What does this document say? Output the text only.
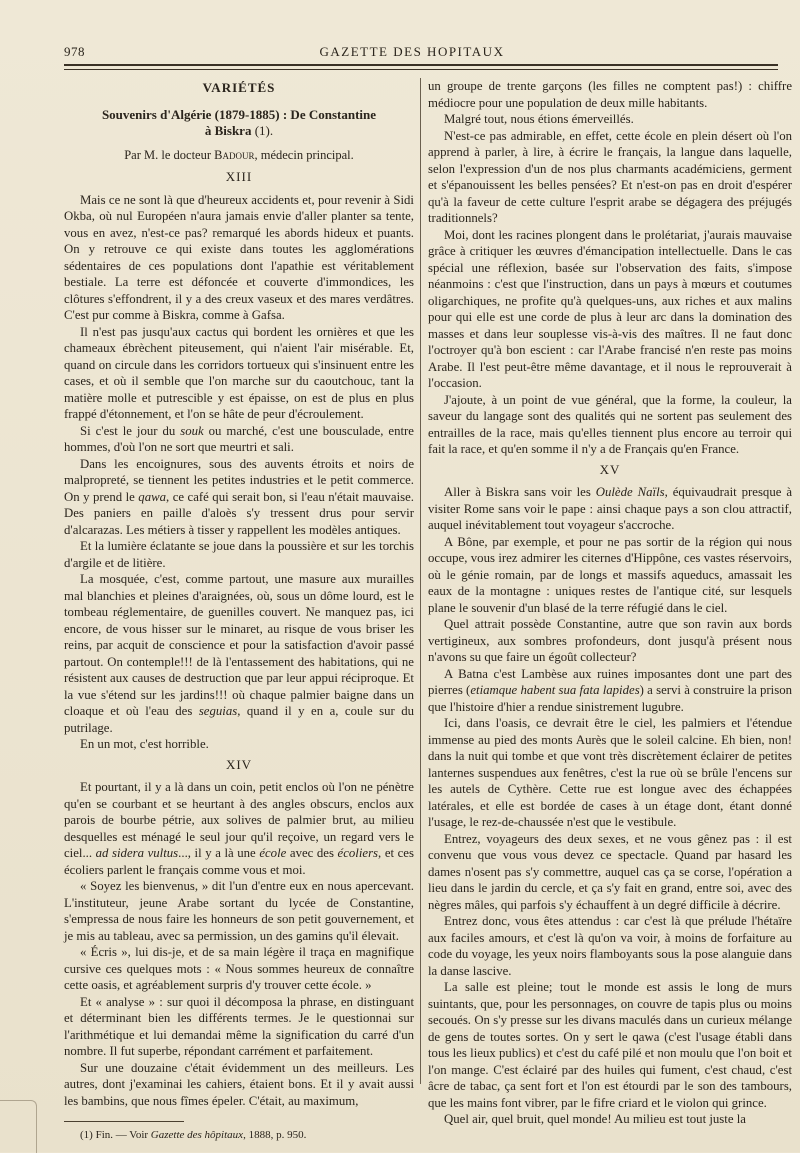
978	GAZETTE DES HOPITAUX
VARIÉTÉS
Souvenirs d'Algérie (1879-1885) : De Constantine
à Biskra (1).
Par M. le docteur Badour, médecin principal.
XIII

Mais ce ne sont là que d'heureux accidents et, pour revenir à Sidi Okba, où nul Européen n'aura jamais envie d'aller planter sa tente, vous en avez, n'est-ce pas? remarqué les abords hideux et puants. On y retrouve ce qui existe dans toutes les agglomérations sédentaires de ces populations dont l'apathie est véritablement bestiale. La terre est défoncée et couverte d'immondices, les clôtures s'effondrent, il y a des creux vaseux et des mares verdâtres. C'est pur comme à Biskra, comme à Gafsa.

Il n'est pas jusqu'aux cactus qui bordent les ornières et que les chameaux ébrèchent piteusement, qui n'aient l'air misérable. Et, quand on circule dans les corridors tortueux qui s'insinuent entre les cases, et où il semble que l'on marche sur du caoutchouc, tant la matière molle et putrescible y est épaisse, on est de plus en plus frappé d'étonnement, et l'on se hâte de peur d'écroulement.

Si c'est le jour du souk ou marché, c'est une bousculade, entre hommes, d'où l'on ne sort que meurtri et sali.

Dans les encoignures, sous des auvents étroits et noirs de malpropreté, se tiennent les petites industries et le petit commerce. On y prend le qawa, ce café qui serait bon, si l'eau n'était mauvaise. Des paniers en paille d'aloès s'y tressent drus pour servir d'alcarazas. Les métiers à tisser y rappellent les modèles antiques.

Et la lumière éclatante se joue dans la poussière et sur les torchis d'argile et de litière.

La mosquée, c'est, comme partout, une masure aux murailles mal blanchies et pleines d'araignées, où, sous un dôme lourd, est le tombeau réglementaire, de guenilles couvert. Ne manquez pas, ici encore, de vous hisser sur le minaret, au risque de vous briser les reins, par acquit de conscience et pour la satisfaction d'avoir passé partout. On contemple!!! de là l'entassement des habitations, qui ne résistent aux causes de destruction que par leur appui réciproque. Et la vue s'étend sur les jardins!!! où chaque palmier baigne dans un cloaque et où l'eau des seguias, quand il y en a, coule sur du putrilage.

En un mot, c'est horrible.

XIV

Et pourtant, il y a là dans un coin, petit enclos où l'on ne pénètre qu'en se courbant et se heurtant à des angles obscurs, enclos aux parois de bourbe pétrie, aux solives de palmier brut, au milieu desquelles est ménagé le seul jour qu'il reçoive, un regard vers le ciel... ad sidera vultus..., il y a là une école avec des écoliers, et ces écoliers parlent le français comme vous et moi.

« Soyez les bienvenus, » dit l'un d'entre eux en nous apercevant. L'instituteur, jeune Arabe sortant du lycée de Constantine, s'empressa de nous faire les honneurs de son petit gouvernement, et je mis au tableau, avec sa permission, un des gamins qu'il élevait.

« Écris », lui dis-je, et de sa main légère il traça en magnifique cursive ces quelques mots : « Nous sommes heureux de connaître cette oasis, et agréablement surpris d'y trouver cette école. »

Et « analyse » : sur quoi il décomposa la phrase, en distinguant et déterminant bien les différents termes. Je le questionnai sur l'arithmétique et lui demandai même la signification du carré d'un nombre. Il fut superbe, répondant carrément et parfaitement.

Sur une douzaine c'était évidemment un des meilleurs. Les autres, dont j'examinai les cahiers, étaient bons. Et il y avait aussi les bambins, que nous fîmes épeler. C'était, au maximum,

(1) Fin. — Voir Gazette des hôpitaux, 1888, p. 950.

un groupe de trente garçons (les filles ne comptent pas!) : chiffre médiocre pour une population de deux mille habitants.

Malgré tout, nous étions émerveillés.

N'est-ce pas admirable, en effet, cette école en plein désert où l'on apprend à parler, à lire, à écrire le français, la langue dans laquelle, selon l'expression d'un de nos plus charmants académiciens, germent et s'épanouissent les belles pensées? Et n'est-on pas en droit d'espérer qu'à la faveur de cette culture l'esprit arabe se dégagera des préjugés traditionnels?

Moi, dont les racines plongent dans le prolétariat, j'aurais mauvaise grâce à critiquer les œuvres d'émancipation intellectuelle. Dans le cas spécial une réflexion, basée sur l'observation des faits, s'impose néanmoins : c'est que l'instruction, dans un pays à mœurs et coutumes oligarchiques, ne profite qu'à quelques-uns, aux riches et aux malins pour qui elle est une corde de plus à leur arc dans la domination des masses et dans leur souplesse vis-à-vis des maîtres. Il ne faut donc l'octroyer qu'à bon escient : car l'Arabe francisé n'en reste pas moins Arabe. Il l'est peut-être même davantage, et il nous le reprouverait à l'occasion.

J'ajoute, à un point de vue général, que la forme, la couleur, la saveur du langage sont des qualités qui ne sortent pas seulement des entrailles de la race, mais qu'elles tiennent plus encore au terroir qui fait la race, et qu'en somme il n'y a de Français qu'en France.

XV

Aller à Biskra sans voir les Oulède Naïls, équivaudrait presque à visiter Rome sans voir le pape : ainsi chaque pays a son clou attractif, auquel inévitablement tout voyageur s'accroche.

A Bône, par exemple, et pour ne pas sortir de la région qui nous occupe, vous irez admirer les citernes d'Hippône, ces vastes réservoirs, où le génie romain, par de longs et massifs aqueducs, amassait les eaux de la montagne : uniques restes de l'antique cité, sur lesquels plane le souvenir d'un blasé de la terre réfugié dans le ciel.

Quel attrait possède Constantine, autre que son ravin aux bords vertigineux, aux sombres profondeurs, dont jusqu'à présent nous n'avons su que faire un égoût collecteur?

A Batna c'est Lambèse aux ruines imposantes dont une part des pierres (etiamque habent sua fata lapides) a servi à construire la prison que l'histoire d'hier a rendue sinistrement lugubre.

Ici, dans l'oasis, ce devrait être le ciel, les palmiers et l'étendue immense au pied des monts Aurès que le soleil calcine. Eh bien, non! dans la nuit qui tombe et que vont très discrètement éclairer de petites lanternes suspendues aux fenêtres, c'est la rue où se brûle l'encens sur les autels de Cythère. Cette rue est longue avec des échappées latérales, et elle est bordée de cases à un étage dont, étant donné l'usage, le rez-de-chaussée n'est que le vestibule.

Entrez, voyageurs des deux sexes, et ne vous gênez pas : il est convenu que vous vous devez ce spectacle. Quand par hasard les dames n'osent pas s'y commettre, auquel cas ça se corse, l'opération a lieu dans le jardin du cercle, et ça s'y fait en grand, entre soi, avec des nègres mâles, qui parfois s'y échauffent à un degré difficile à décrire.

Entrez donc, vous êtes attendus : car c'est là que prélude l'hétaïre aux faciles amours, et c'est là qu'on va voir, à moins de forfaiture au code du voyage, les yeux noirs flamboyants sous la pose alanguie dans la danse lascive.

La salle est pleine; tout le monde est assis le long de murs suintants, que, pour les personnages, on couvre de tapis plus ou moins secoués. On s'y presse sur les divans maculés dans un curieux mélange de gens de toutes sortes. On y sert le qawa (c'est l'usage établi dans tous les lieux publics) et c'est du café pilé et non moulu que l'on boit et l'on mange. C'est éclairé par des huiles qui fument, c'est chaud, c'est âcre de tabac, ça sent fort et l'on est étourdi par le son des tambours, que les mains font vibrer, par le fifre criard et le violon qui grince.

Quel air, quel bruit, quel monde! Au milieu est tout juste la
